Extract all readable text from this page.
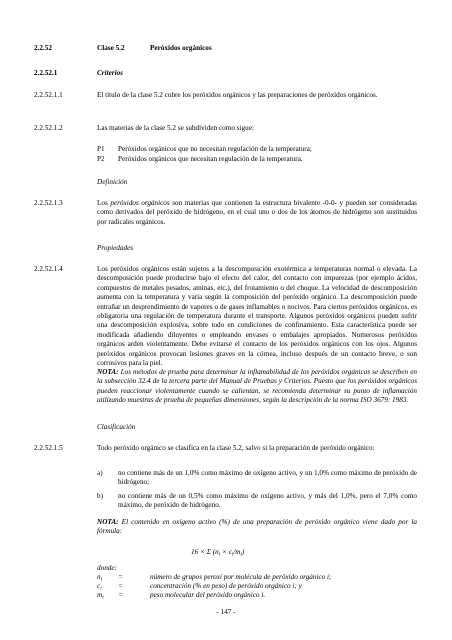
2.2.52	Clase 5.2	Peróxidos orgánicos
2.2.52.1	Criterios
2.2.52.1.1	El título de la clase 5.2 cubre los peróxidos orgánicos y las preparaciones de peróxidos orgánicos.
2.2.52.1.2	Las materias de la clase 5.2 se subdividen como sigue:
P1 Peróxidos orgánicos que no necesitan regulación de la temperatura;
P2 Peróxidos orgánicos que necesitan regulación de la temperatura.
Definición
2.2.52.1.3	Los peróxidos orgánicos son materias que contienen la estructura bivalente -0-0- y pueden ser consideradas como derivados del peróxido de hidrógeno, en el cual uno o dos de los átomos de hidrógeno son sustituidos por radicales orgánicos.
Propiedades
2.2.52.1.4	Los peróxidos orgánicos están sujetos a la descomposición exotérmica a temperaturas normal o elevada. La descomposición puede producirse bajo el efecto del calor, del contacto con impurezas (por ejemplo ácidos, compuestos de metales pesados, aminas, etc.), del frotamiento o del choque. La velocidad de descomposición aumenta con la temperatura y varía según la composición del peróxido orgánico. La descomposición puede entrañar un desprendimiento de vapores o de gases inflamables o nocivos. Para ciertos peróxidos orgánicos, es obligatoria una regulación de temperatura durante el transporte. Algunos peróxidos orgánicos pueden sufrir una descomposición explosiva, sobre todo en condiciones de confinamiento. Esta característica puede ser modificada añadiendo diluyentes o empleando envases o embalajes apropiados. Numerosos peróxidos orgánicos arden violentamente. Debe evitarse el contacto de los peróxidos orgánicos con los ojos. Algunos peróxidos orgánicos provocan lesiones graves en la córnea, incluso después de un contacto breve, o son corrosivos para la piel.
NOTA: Los métodos de prueba para determinar la inflamabilidad de los peróxidos orgánicos se describen en la subsección 32.4 de la tercera parte del Manual de Pruebas y Criterios. Puesto que los peróxidos orgánicos pueden reaccionar violentamente cuando se calientan, se recomienda determinar su punto de inflamación utilizando muestras de prueba de pequeñas dimensiones, según la descripción de la norma ISO 3679: 1983.
Clasificación
2.2.52.1.5	Todo peróxido orgánico se clasifica en la clase 5.2, salvo si la preparación de peróxido orgánico:
a) no contiene más de un 1,0% como máximo de oxígeno activo, y un 1,0% como máximo de peróxido de hidrógeno;
b) no contiene más de un 0,5% como máximo de oxígeno activo, y más del 1,0%, pero el 7,0% como máximo, de peróxido de hidrógeno.
NOTA: El contenido en oxígeno activo (%) de una preparación de peróxido orgánico viene dado por la fórmula:
16 × Σ $(n_i \times c_i/m_i)$
donde:
$n_i$ =	número de grupos peroxi por molécula de peróxido orgánico i;
$c_i$ =	concentración (% en peso) de peróxido orgánico i; y
$m_i$ =	peso molecular del peróxido orgánico i.
- 147 -
